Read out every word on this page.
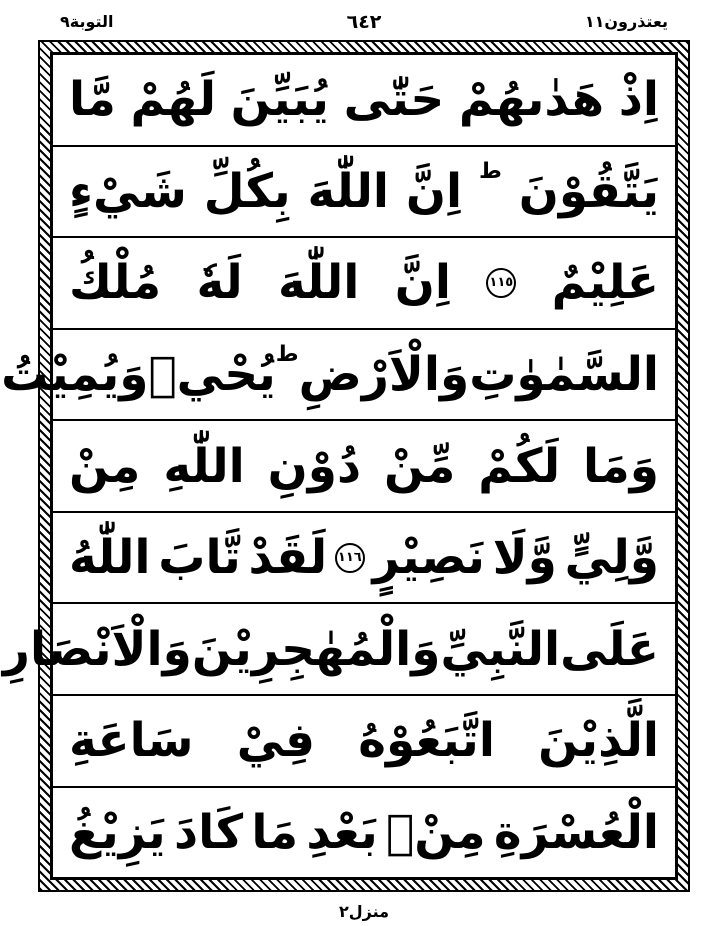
التوبة٩	٦٤٢	يعتذرون١١
اِذْ
هَدٰىهُمْ
حَتّٰى
يُبَيِّنَ
لَهُمْ
مَّا
يَتَّقُوْنَ
ط
اِنَّ
اللّٰهَ
بِكُلِّ
شَيْءٍ
عَلِيْمٌ
١١٥
اِنَّ
اللّٰهَ
لَهٗ
مُلْكُ
السَّمٰوٰتِ
وَالْاَرْضِ
ط
يُحْيٖ
وَيُمِيْتُ
وَمَا
لَكُمْ
مِّنْ
دُوْنِ
اللّٰهِ
مِنْ
وَّلِيٍّ
وَّلَا
نَصِيْرٍ
١١٦
لَقَدْ
تَّابَ
اللّٰهُ
عَلَى
النَّبِيِّ
وَالْمُهٰجِرِيْنَ
وَالْاَنْصَارِ
الَّذِيْنَ
اتَّبَعُوْهُ
فِيْ
سَاعَةِ
الْعُسْرَةِ
مِنْۢ
بَعْدِ
مَا
كَادَ
يَزِيْغُ
منزل٢
